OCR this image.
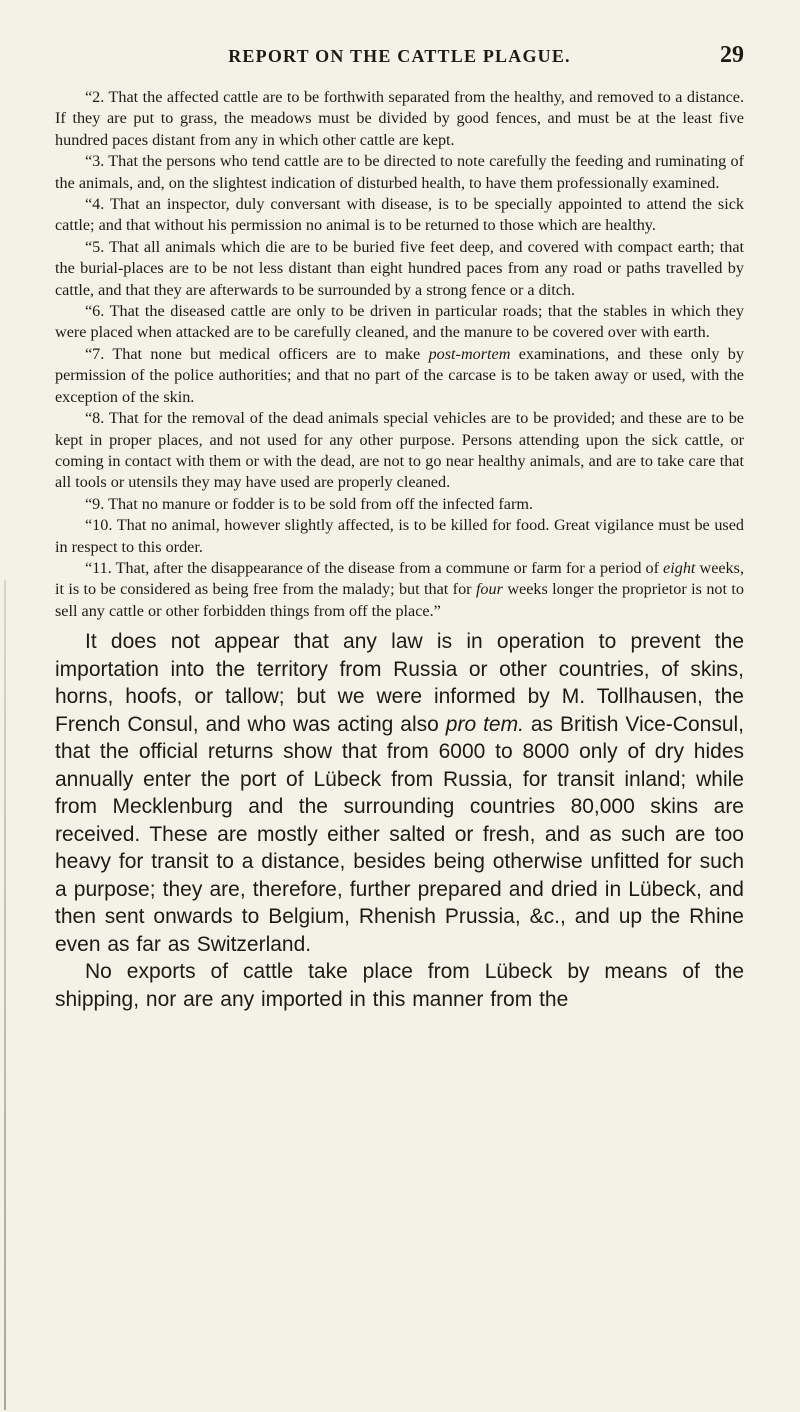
REPORT ON THE CATTLE PLAGUE.	29

“2. That the affected cattle are to be forthwith separated from the healthy, and removed to a distance. If they are put to grass, the meadows must be divided by good fences, and must be at the least five hundred paces distant from any in which other cattle are kept.

“3. That the persons who tend cattle are to be directed to note carefully the feeding and ruminating of the animals, and, on the slightest indication of disturbed health, to have them professionally examined.

“4. That an inspector, duly conversant with disease, is to be specially appointed to attend the sick cattle; and that without his permission no animal is to be returned to those which are healthy.

“5. That all animals which die are to be buried five feet deep, and covered with compact earth; that the burial-places are to be not less distant than eight hundred paces from any road or paths travelled by cattle, and that they are afterwards to be surrounded by a strong fence or a ditch.

“6. That the diseased cattle are only to be driven in particular roads; that the stables in which they were placed when attacked are to be carefully cleaned, and the manure to be covered over with earth.

“7. That none but medical officers are to make post-mortem examinations, and these only by permission of the police authorities; and that no part of the carcase is to be taken away or used, with the exception of the skin.

“8. That for the removal of the dead animals special vehicles are to be provided; and these are to be kept in proper places, and not used for any other purpose. Persons attending upon the sick cattle, or coming in contact with them or with the dead, are not to go near healthy animals, and are to take care that all tools or utensils they may have used are properly cleaned.

“9. That no manure or fodder is to be sold from off the infected farm.

“10. That no animal, however slightly affected, is to be killed for food. Great vigilance must be used in respect to this order.

“11. That, after the disappearance of the disease from a commune or farm for a period of eight weeks, it is to be considered as being free from the malady; but that for four weeks longer the proprietor is not to sell any cattle or other forbidden things from off the place.”

It does not appear that any law is in operation to prevent the importation into the territory from Russia or other countries, of skins, horns, hoofs, or tallow; but we were informed by M. Tollhausen, the French Consul, and who was acting also pro tem. as British Vice-Consul, that the official returns show that from 6000 to 8000 only of dry hides annually enter the port of Lübeck from Russia, for transit inland; while from Mecklenburg and the surrounding countries 80,000 skins are received. These are mostly either salted or fresh, and as such are too heavy for transit to a distance, besides being otherwise unfitted for such a purpose; they are, therefore, further prepared and dried in Lübeck, and then sent onwards to Belgium, Rhenish Prussia, &c., and up the Rhine even as far as Switzerland.

No exports of cattle take place from Lübeck by means of the shipping, nor are any imported in this manner from the
